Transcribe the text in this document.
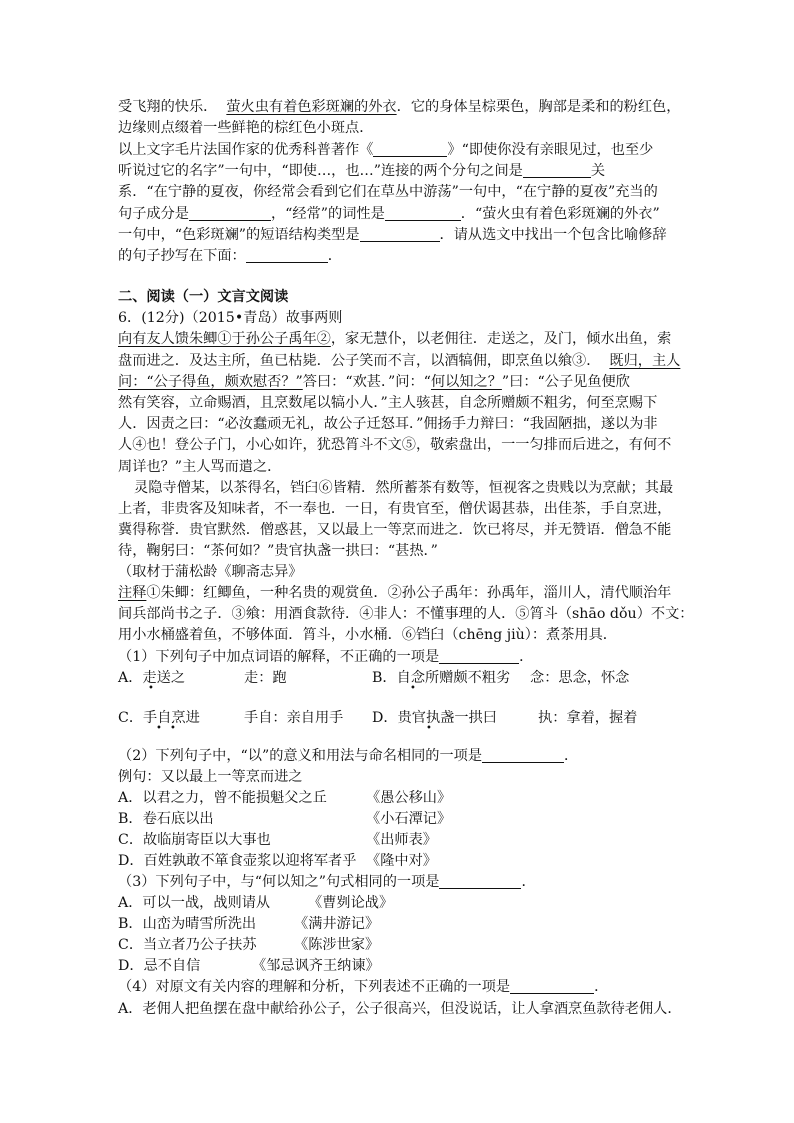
受飞翔的快乐． 萤火虫有着色彩斑斓的外衣．它的身体呈棕栗色，胸部是柔和的粉红色，
边缘则点缀着一些鲜艳的棕红色小斑点．
以上文字毛片法国作家的优秀科普著作《	》“即使你没有亲眼见过，也至少
听说过它的名字”一句中，“即使…，也…”连接的两个分句之间是	关
系．“在宁静的夏夜，你经常会看到它们在草丛中游荡”一句中，“在宁静的夏夜”充当的
句子成分是	，“经常”的词性是	．“萤火虫有着色彩斑斓的外衣”
一句中，“色彩斑斓”的短语结构类型是	．请从选文中找出一个包含比喻修辞
的句子抄写在下面：	．
二、阅读（一）文言文阅读
6．(12分)（2015•青岛）故事两则
向有友人馈朱鲫①于孙公子禹年②，家无慧仆，以老佣往．走送之，及门，倾水出鱼，索
盘而进之．及达主所，鱼已枯毙．公子笑而不言，以酒犒佣，即烹鱼以飨③． 既归，主人
问：“公子得鱼，颇欢慰否？”答曰：“欢甚．”问：“何以知之？”曰：“公子见鱼便欣
然有笑容，立命赐酒，且烹数尾以犒小人．”主人骇甚，自念所赠颇不粗劣，何至烹赐下
人．因责之曰：“必汝蠢顽无礼，故公子迁怒耳．”佣扬手力辩曰：“我固陋拙，遂以为非
人④也！登公子门，小心如许，犹恐筲斗不文⑤，敬索盘出，一一匀排而后进之，有何不
周详也？”主人骂而遣之．
灵隐寺僧某，以茶得名，铛臼⑥皆精．然所蓄茶有数等，恒视客之贵贱以为烹献；其最
上者，非贵客及知味者，不一奉也．一日，有贵官至，僧伏谒甚恭，出佳茶，手自烹进，
冀得称誉．贵官默然．僧惑甚，又以最上一等烹而进之．饮已将尽，并无赞语．僧急不能
待，鞠躬曰：“茶何如？”贵官执盏一拱曰：“甚热．”
（取材于蒲松龄《聊斋志异》
注释①朱鲫：红鲫鱼，一种名贵的观赏鱼．②孙公子禹年：孙禹年，淄川人，清代顺治年
间兵部尚书之子．③飨：用酒食款待．④非人：不懂事理的人．⑤筲斗（shāo dǒu）不文：
用小水桶盛着鱼，不够体面．筲斗，小水桶．⑥铛臼（chēng jiù）：煮茶用具．
（1）下列句子中加点词语的解释，不正确的一项是	．
A．走送之
•
走：跑	B．自念所赠颇不粗劣
•
念：思念，怀念
C．手自烹进
• •
手自：亲自用手 D．贵官执盏一拱曰
•
执：拿着，握着
（2）下列句子中，“以”的意义和用法与命名相同的一项是	．
例句：又以最上一等烹而进之
A．以君之力，曾不能损魁父之丘	《愚公移山》
B．卷石底以出	《小石潭记》
C．故临崩寄臣以大事也	《出师表》
D．百姓孰敢不箪食壶浆以迎将军者乎 《隆中对》
（3）下列句子中，与“何以知之”句式相同的一项是	．
A．可以一战，战则请从	《曹刿论战》
B．山峦为晴雪所洗出	《满井游记》
C．当立者乃公子扶苏	《陈涉世家》
D．忌不自信	《邹忌讽齐王纳谏》
（4）对原文有关内容的理解和分析，下列表述不正确的一项是	．
A．老佣人把鱼摆在盘中献给孙公子，公子很高兴，但没说话，让人拿酒烹鱼款待老佣人．
